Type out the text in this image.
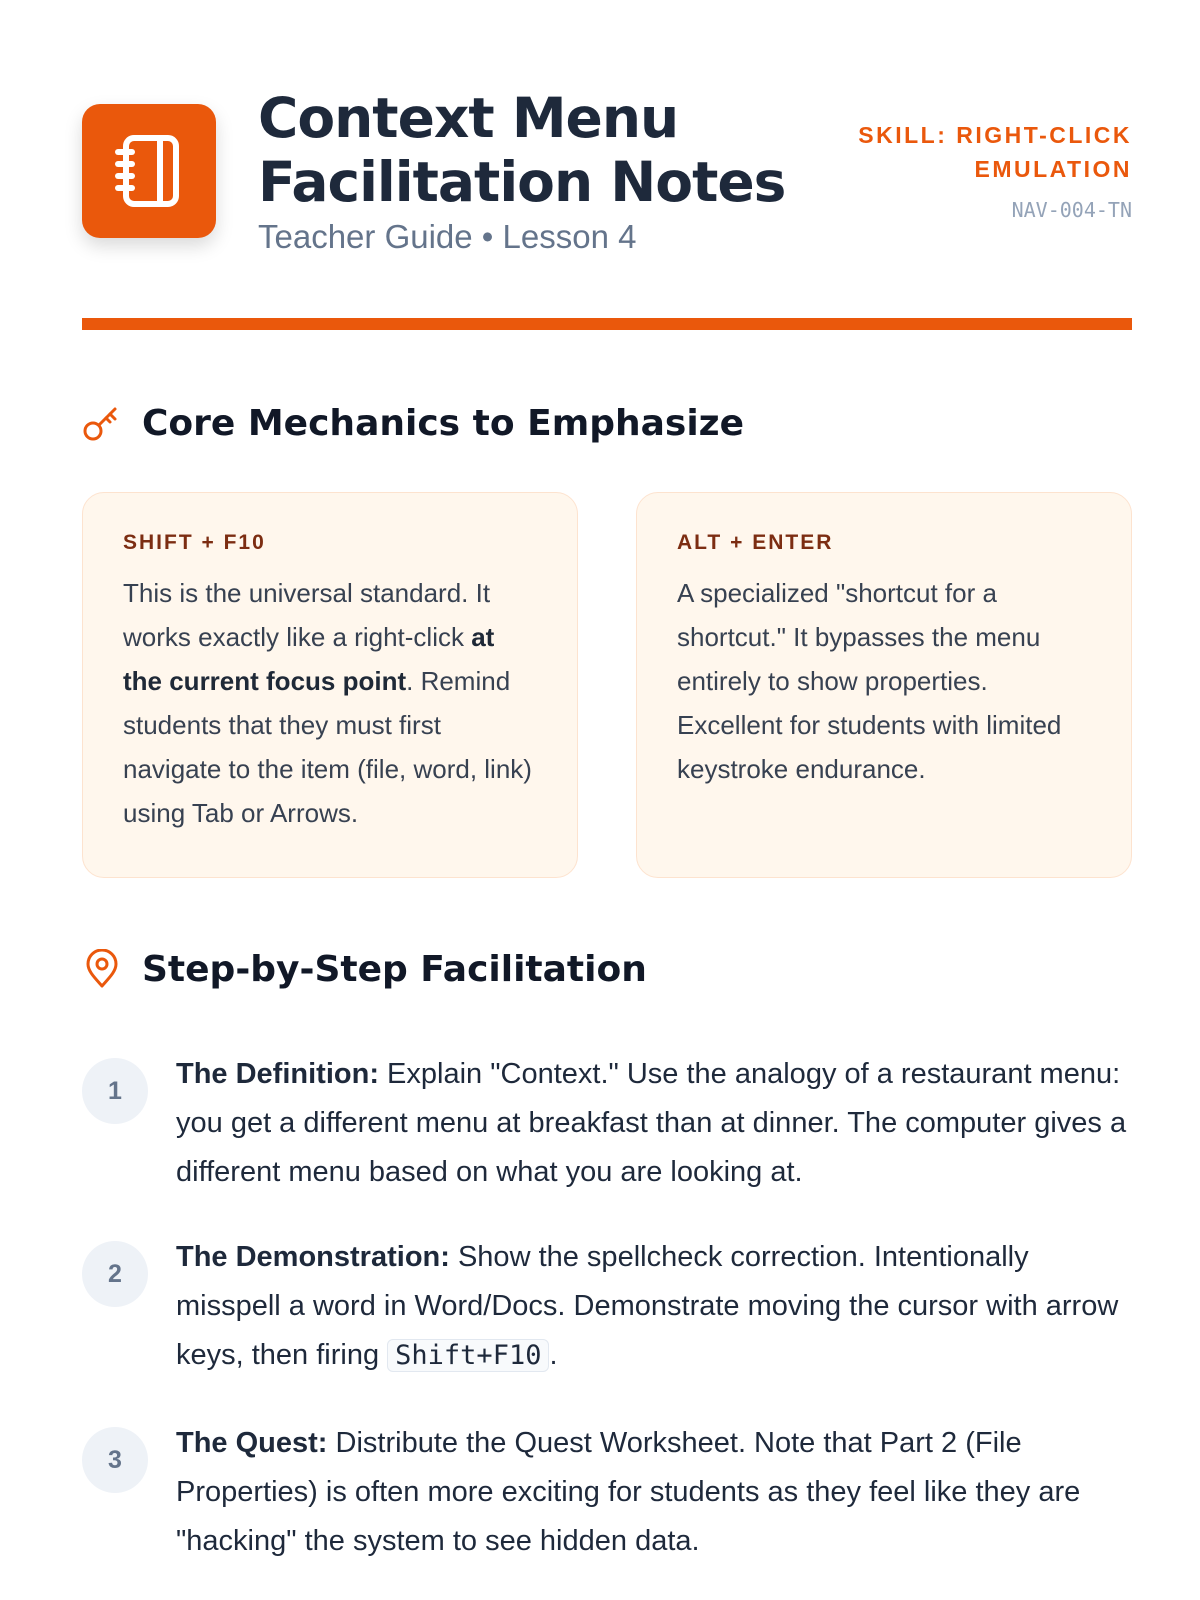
Context Menu
Facilitation Notes
Teacher Guide • Lesson 4
SKILL: RIGHT-CLICK EMULATION
NAV-004-TN
Core Mechanics to Emphasize
SHIFT + F10
This is the universal standard. It works exactly like a right-click at the current focus point. Remind students that they must first navigate to the item (file, word, link) using Tab or Arrows.
ALT + ENTER
A specialized "shortcut for a shortcut." It bypasses the menu entirely to show properties. Excellent for students with limited keystroke endurance.
Step-by-Step Facilitation
1
The Definition: Explain "Context." Use the analogy of a restaurant menu: you get a different menu at breakfast than at dinner. The computer gives a different menu based on what you are looking at.
2
The Demonstration: Show the spellcheck correction. Intentionally misspell a word in Word/Docs. Demonstrate moving the cursor with arrow keys, then firing Shift+F10 .
3
The Quest: Distribute the Quest Worksheet. Note that Part 2 (File Properties) is often more exciting for students as they feel like they are "hacking" the system to see hidden data.
